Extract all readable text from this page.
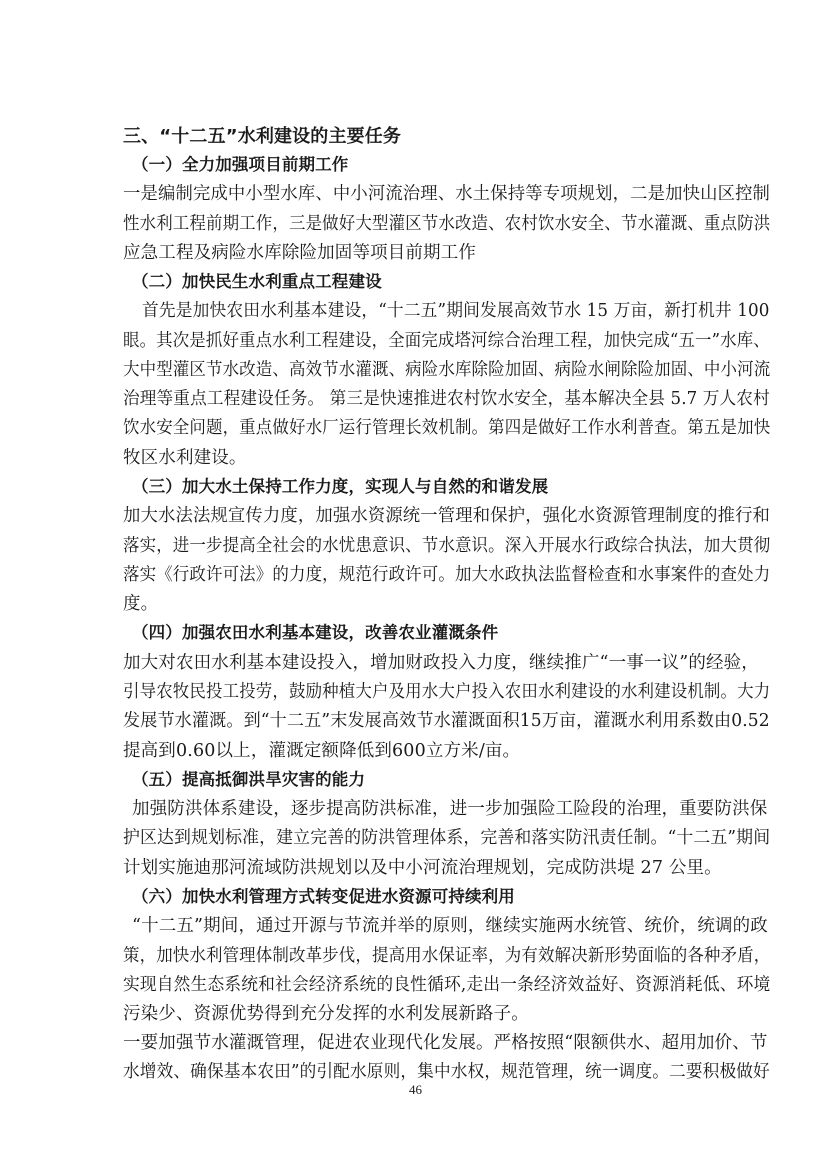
三、“十二五”水利建设的主要任务
（一）全力加强项目前期工作
一是编制完成中小型水库、中小河流治理、水土保持等专项规划，二是加快山区控制
性水利工程前期工作，三是做好大型灌区节水改造、农村饮水安全、节水灌溉、重点防洪
应急工程及病险水库除险加固等项目前期工作
（二）加快民生水利重点工程建设
首先是加快农田水利基本建设，“十二五”期间发展高效节水 15 万亩，新打机井 100
眼。其次是抓好重点水利工程建设，全面完成塔河综合治理工程，加快完成“五一”水库、
大中型灌区节水改造、高效节水灌溉、病险水库除险加固、病险水闸除险加固、中小河流
治理等重点工程建设任务。 第三是快速推进农村饮水安全，基本解决全县 5.7 万人农村
饮水安全问题，重点做好水厂运行管理长效机制。第四是做好工作水利普查。第五是加快
牧区水利建设。
（三）加大水土保持工作力度，实现人与自然的和谐发展
加大水法法规宣传力度，加强水资源统一管理和保护，强化水资源管理制度的推行和
落实，进一步提高全社会的水忧患意识、节水意识。深入开展水行政综合执法，加大贯彻
落实《行政许可法》的力度，规范行政许可。加大水政执法监督检查和水事案件的查处力
度。
（四）加强农田水利基本建设，改善农业灌溉条件
加大对农田水利基本建设投入，增加财政投入力度，继续推广“一事一议”的经验，
引导农牧民投工投劳，鼓励种植大户及用水大户投入农田水利建设的水利建设机制。大力
发展节水灌溉。到“十二五”末发展高效节水灌溉面积15万亩，灌溉水利用系数由0.52
提高到0.60以上，灌溉定额降低到600立方米/亩。
（五）提高抵御洪旱灾害的能力
加强防洪体系建设，逐步提高防洪标准，进一步加强险工险段的治理，重要防洪保
护区达到规划标准，建立完善的防洪管理体系，完善和落实防汛责任制。“十二五”期间
计划实施迪那河流域防洪规划以及中小河流治理规划，完成防洪堤 27 公里。
（六）加快水利管理方式转变促进水资源可持续利用
“十二五”期间，通过开源与节流并举的原则，继续实施两水统管、统价，统调的政
策，加快水利管理体制改革步伐，提高用水保证率，为有效解决新形势面临的各种矛盾，
实现自然生态系统和社会经济系统的良性循环,走出一条经济效益好、资源消耗低、环境
污染少、资源优势得到充分发挥的水利发展新路子。
一要加强节水灌溉管理，促进农业现代化发展。严格按照“限额供水、超用加价、节
水增效、确保基本农田”的引配水原则，集中水权，规范管理，统一调度。二要积极做好
46
